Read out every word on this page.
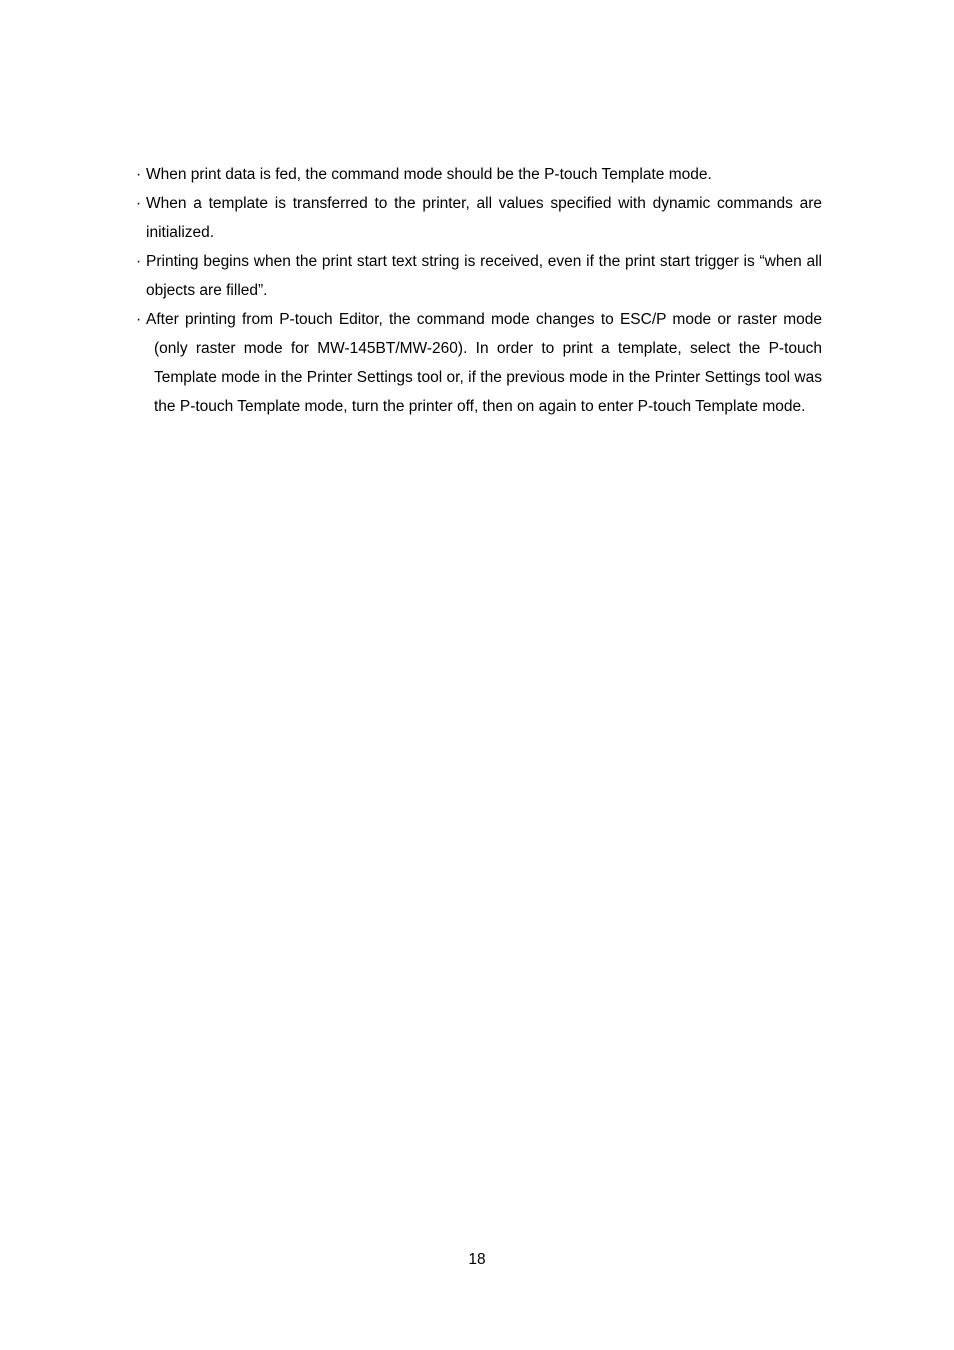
· When print data is fed, the command mode should be the P-touch Template mode.
· When a template is transferred to the printer, all values specified with dynamic commands are initialized.
· Printing begins when the print start text string is received, even if the print start trigger is “when all objects are filled”.
· After printing from P-touch Editor, the command mode changes to ESC/P mode or raster mode (only raster mode for MW-145BT/MW-260). In order to print a template, select the P-touch Template mode in the Printer Settings tool or, if the previous mode in the Printer Settings tool was the P-touch Template mode, turn the printer off, then on again to enter P-touch Template mode.
18
